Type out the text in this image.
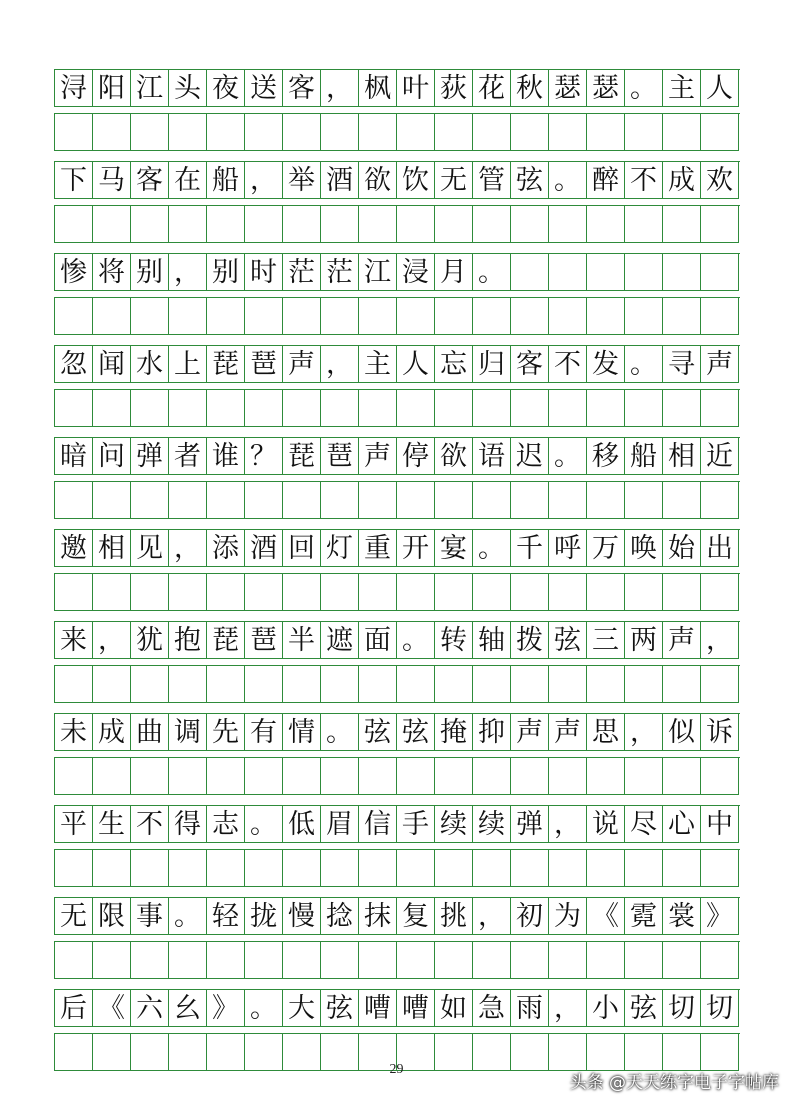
浔 阳 江 头 夜 送 客 ， 枫 叶 荻 花 秋 瑟 瑟 。 主 人
下 马 客 在 船 ， 举 酒 欲 饮 无 管 弦 。 醉 不 成 欢
惨 将 别 ， 别 时 茫 茫 江 浸 月 。
忽 闻 水 上 琵 琶 声 ， 主 人 忘 归 客 不 发 。 寻 声
暗 问 弹 者 谁 ？ 琵 琶 声 停 欲 语 迟 。 移 船 相 近
邀 相 见 ， 添 酒 回 灯 重 开 宴 。 千 呼 万 唤 始 出
来 ， 犹 抱 琵 琶 半 遮 面 。 转 轴 拨 弦 三 两 声 ，
未 成 曲 调 先 有 情 。 弦 弦 掩 抑 声 声 思 ， 似 诉
平 生 不 得 志 。 低 眉 信 手 续 续 弹 ， 说 尽 心 中
无 限 事 。 轻 拢 慢 捻 抹 复 挑 ， 初 为 《 霓 裳 》
后 《 六 幺 》 。 大 弦 嘈 嘈 如 急 雨 ， 小 弦 切 切
29
头条 @天天练字电子字帖库
